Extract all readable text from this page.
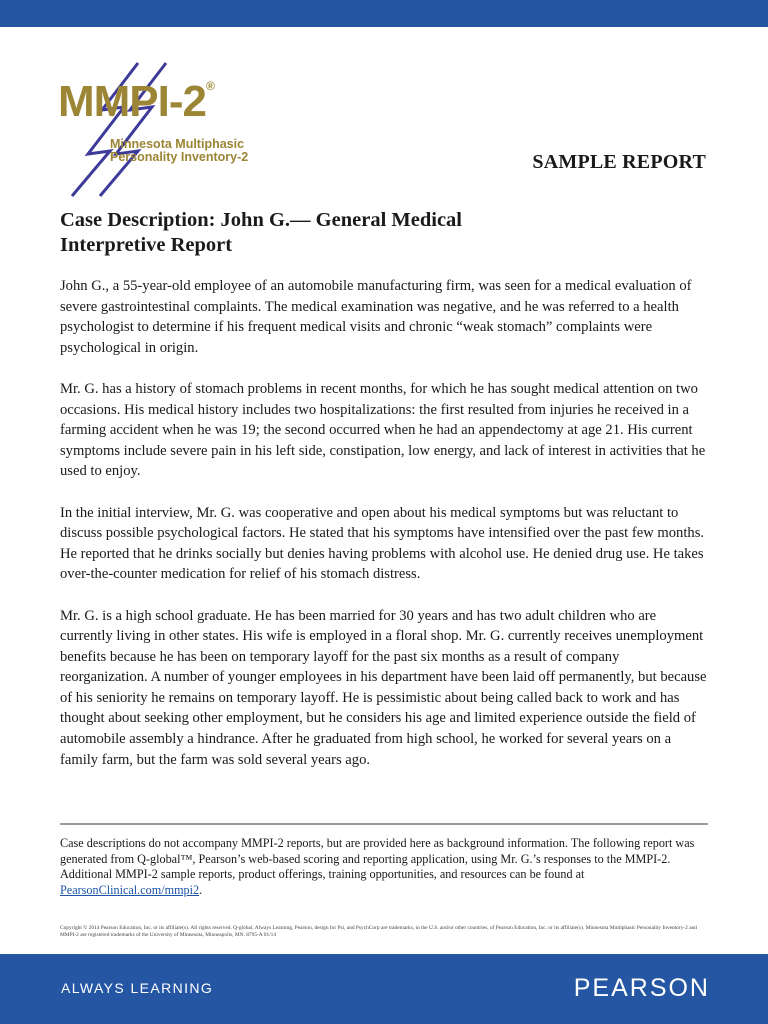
MMPI-2®
Minnesota Multiphasic
Personality Inventory-2	SAMPLE REPORT
Case Description: John G.— General Medical
Interpretive Report

John G., a 55-year-old employee of an automobile manufacturing firm, was seen for a medical evaluation of severe gastrointestinal complaints. The medical examination was negative, and he was referred to a health psychologist to determine if his frequent medical visits and chronic “weak stomach” complaints were psychological in origin.

Mr. G. has a history of stomach problems in recent months, for which he has sought medical attention on two occasions. His medical history includes two hospitalizations: the first resulted from injuries he received in a farming accident when he was 19; the second occurred when he had an appendectomy at age 21. His current symptoms include severe pain in his left side, constipation, low energy, and lack of interest in activities that he used to enjoy.

In the initial interview, Mr. G. was cooperative and open about his medical symptoms but was reluctant to discuss possible psychological factors. He stated that his symptoms have intensified over the past few months. He reported that he drinks socially but denies having problems with alcohol use. He denied drug use. He takes over-the-counter medication for relief of his stomach distress.

Mr. G. is a high school graduate. He has been married for 30 years and has two adult children who are currently living in other states. His wife is employed in a floral shop. Mr. G. currently receives unemployment benefits because he has been on temporary layoff for the past six months as a result of company reorganization. A number of younger employees in his department have been laid off permanently, but because of his seniority he remains on temporary layoff. He is pessimistic about being called back to work and has thought about seeking other employment, but he considers his age and limited experience outside the field of automobile assembly a hindrance. After he graduated from high school, he worked for several years on a family farm, but the farm was sold several years ago.

Case descriptions do not accompany MMPI-2 reports, but are provided here as background information. The following report was generated from Q-global™, Pearson’s web-based scoring and reporting application, using Mr. G.’s responses to the MMPI-2. Additional MMPI-2 sample reports, product offerings, training opportunities, and resources can be found at
PearsonClinical.com/mmpi2.
Copyright © 2014 Pearson Education, Inc. or its affiliate(s). All rights reserved. Q-global, Always Learning, Pearson, design for Psi, and PsychCorp are trademarks, in the U.S. and/or other countries, of Pearson Education, Inc. or its affiliate(s). Minnesota Multiphasic Personality Inventory-2 and MMPI-2 are registered trademarks of the University of Minnesota, Minneapolis, MN. 8795-A 01/14
ALWAYS LEARNING	PEARSON
